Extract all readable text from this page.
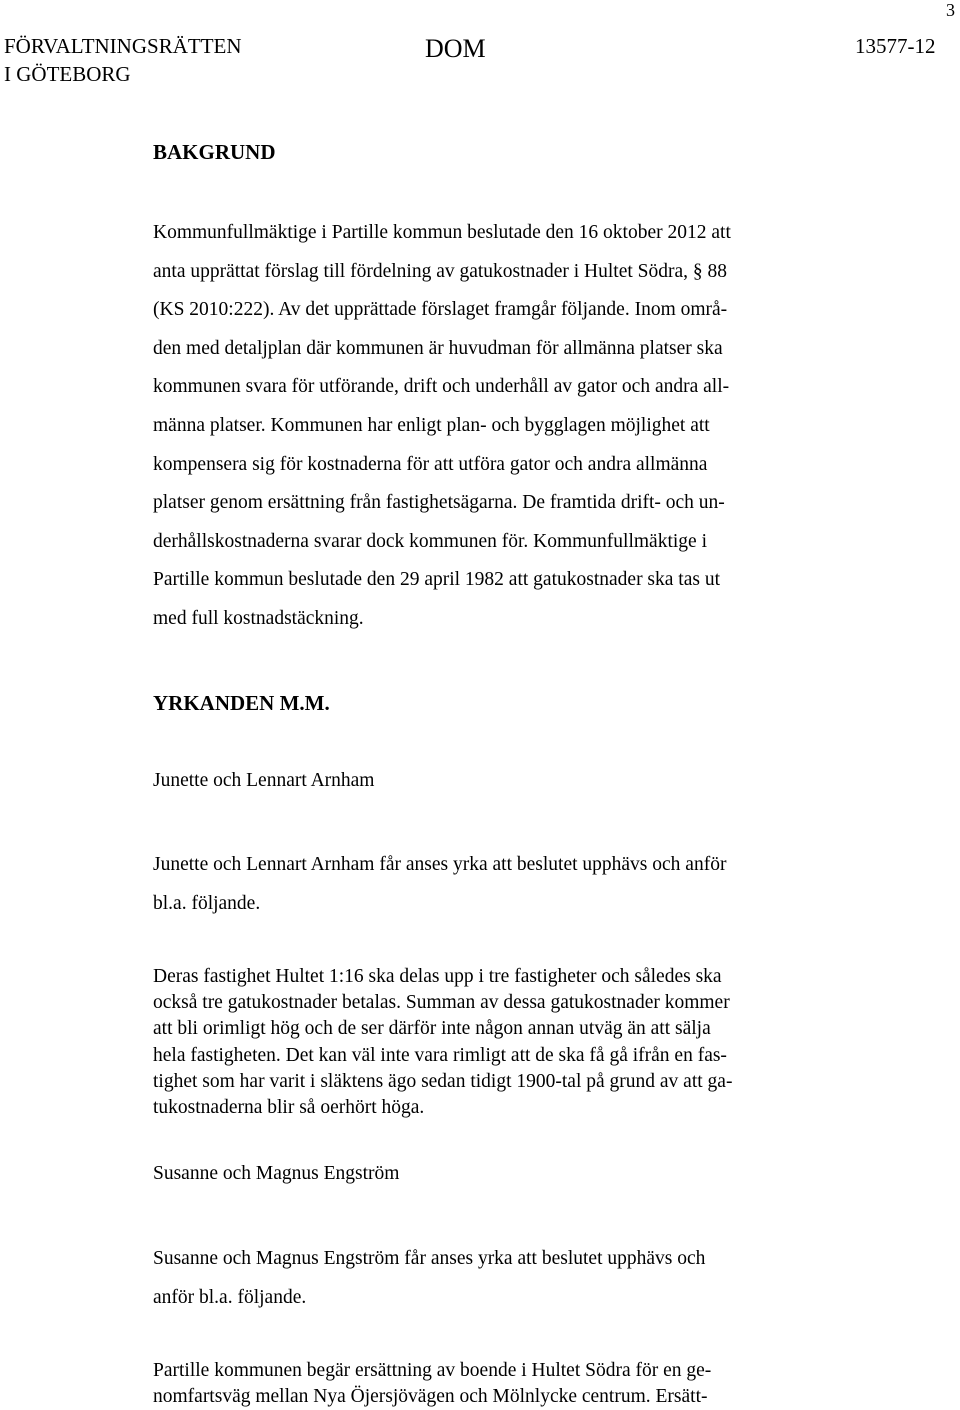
FÖRVALTNINGSRÄTTEN
I GÖTEBORG
DOM	13577-12
3
BAKGRUND
Kommunfullmäktige i Partille kommun beslutade den 16 oktober 2012 att
anta upprättat förslag till fördelning av gatukostnader i Hultet Södra, § 88
(KS 2010:222). Av det upprättade förslaget framgår följande. Inom områ-
den med detaljplan där kommunen är huvudman för allmänna platser ska
kommunen svara för utförande, drift och underhåll av gator och andra all-
männa platser. Kommunen har enligt plan- och bygglagen möjlighet att
kompensera sig för kostnaderna för att utföra gator och andra allmänna
platser genom ersättning från fastighetsägarna. De framtida drift- och un-
derhållskostnaderna svarar dock kommunen för. Kommunfullmäktige i
Partille kommun beslutade den 29 april 1982 att gatukostnader ska tas ut
med full kostnadstäckning.
YRKANDEN M.M.
Junette och Lennart Arnham
Junette och Lennart Arnham får anses yrka att beslutet upphävs och anför
bl.a. följande.
Deras fastighet Hultet 1:16 ska delas upp i tre fastigheter och således ska
också tre gatukostnader betalas. Summan av dessa gatukostnader kommer
att bli orimligt hög och de ser därför inte någon annan utväg än att sälja
hela fastigheten. Det kan väl inte vara rimligt att de ska få gå ifrån en fas-
tighet som har varit i släktens ägo sedan tidigt 1900-tal på grund av att ga-
tukostnaderna blir så oerhört höga.
Susanne och Magnus Engström
Susanne och Magnus Engström får anses yrka att beslutet upphävs och
anför bl.a. följande.
Partille kommunen begär ersättning av boende i Hultet Södra för en ge-
nomfartsväg mellan Nya Öjersjövägen och Mölnlycke centrum. Ersätt-
